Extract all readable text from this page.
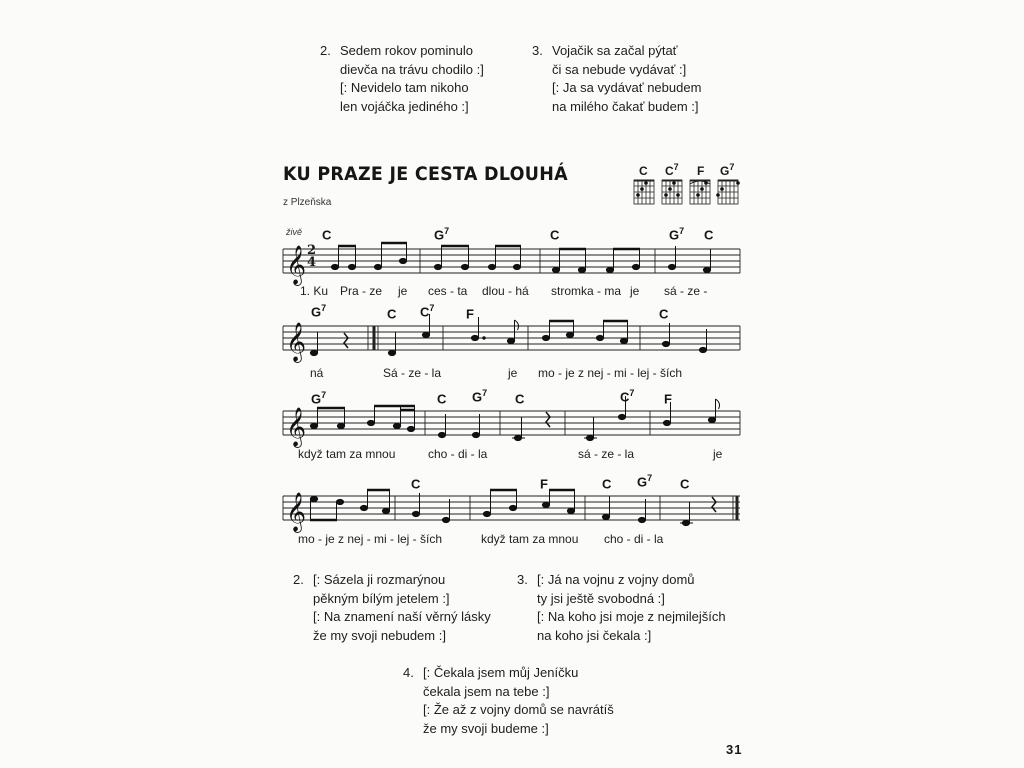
2. Sedem rokov pominulo
dievča na trávu chodilo :]
[: Nevidelo tam nikoho
len vojáčka jediného :]
3. Vojačik sa začal pýtať
či sa nebude vydávať :]
[: Ja sa vydávať nebudem
na milého čakať budem :]
KU PRAZE JE CESTA DLOUHÁ
z Plzeňska
C $C^7$ F $G^7$
živě
𝄞
𝄞
𝄞
𝄞
2
4
C	$G^7$	C	$G^7$ C
1. Ku Pra - ze je ces - ta dlou - há stromka - ma je sá - ze -
$G^7$	C $C^7$ F	C
ná	Sá - ze - la	je mo - je z nej - mi - lej - ších
$G^7$	C $G^7$ C	$C^7$ F
když tam za mnou	cho - di - la	sá - ze - la	je
C	F	C $G^7$ C
mo - je z nej - mi - lej - ších	když tam za mnou cho - di - la
2. [: Sázela ji rozmarýnou
pěkným bílým jetelem :]
[: Na znamení naší věrný lásky
že my svoji nebudem :]
3. [: Já na vojnu z vojny domů
ty jsi ještě svobodná :]
[: Na koho jsi moje z nejmilejších
na koho jsi čekala :]
4. [: Čekala jsem můj Jeníčku
čekala jsem na tebe :]
[: Že až z vojny domů se navrátíš
že my svoji budeme :]
31
